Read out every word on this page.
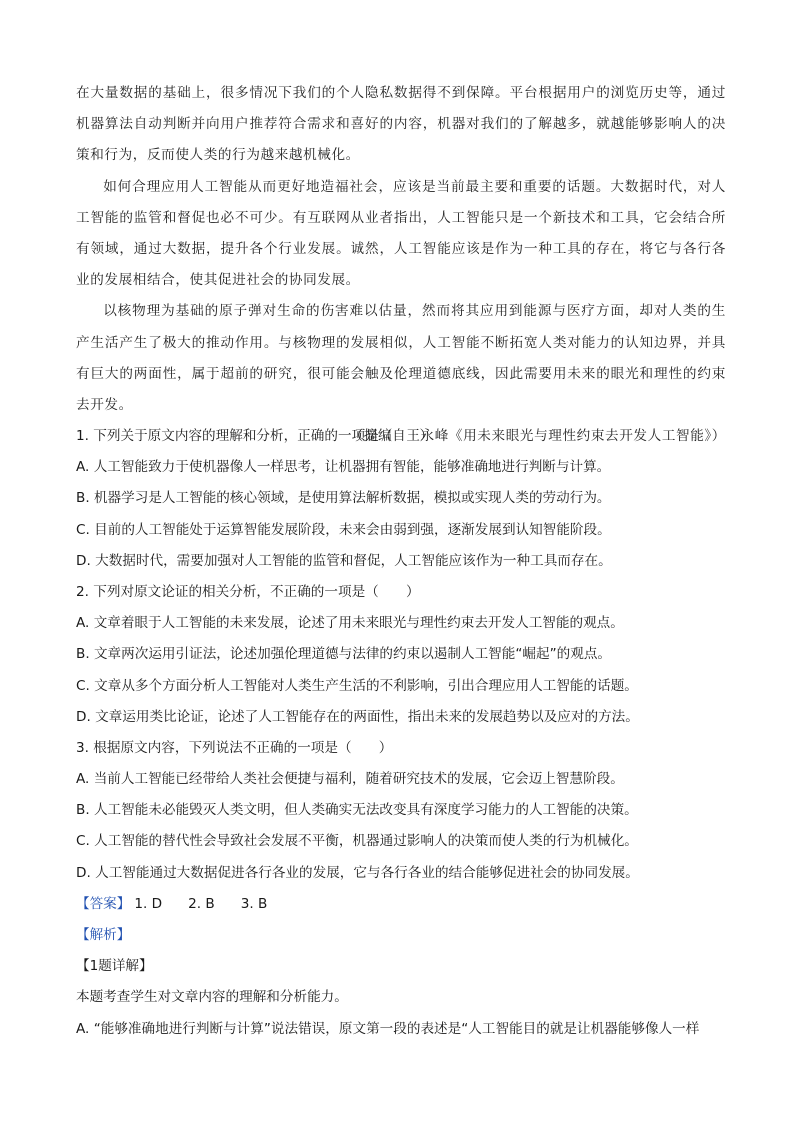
在大量数据的基础上，很多情况下我们的个人隐私数据得不到保障。平台根据用户的浏览历史等，通过机器算法自动判断并向用户推荐符合需求和喜好的内容，机器对我们的了解越多，就越能够影响人的决策和行为，反而使人类的行为越来越机械化。

如何合理应用人工智能从而更好地造福社会，应该是当前最主要和重要的话题。大数据时代，对人工智能的监管和督促也必不可少。有互联网从业者指出，人工智能只是一个新技术和工具，它会结合所有领域，通过大数据，提升各个行业发展。诚然，人工智能应该是作为一种工具的存在，将它与各行各业的发展相结合，使其促进社会的协同发展。

以核物理为基础的原子弹对生命的伤害难以估量，然而将其应用到能源与医疗方面，却对人类的生产生活产生了极大的推动作用。与核物理的发展相似，人工智能不断拓宽人类对能力的认知边界，并具有巨大的两面性，属于超前的研究，很可能会触及伦理道德底线，因此需要用未来的眼光和理性的约束去开发。

（摘编自王永峰《用未来眼光与理性约束去开发人工智能》）

1. 下列关于原文内容的理解和分析，正确的一项是（　　）
A. 人工智能致力于使机器像人一样思考，让机器拥有智能，能够准确地进行判断与计算。
B. 机器学习是人工智能的核心领域，是使用算法解析数据，模拟或实现人类的劳动行为。
C. 目前的人工智能处于运算智能发展阶段，未来会由弱到强，逐渐发展到认知智能阶段。
D. 大数据时代，需要加强对人工智能的监管和督促，人工智能应该作为一种工具而存在。
2. 下列对原文论证的相关分析，不正确的一项是（　　）
A. 文章着眼于人工智能的未来发展，论述了用未来眼光与理性约束去开发人工智能的观点。
B. 文章两次运用引证法，论述加强伦理道德与法律的约束以遏制人工智能“崛起”的观点。
C. 文章从多个方面分析人工智能对人类生产生活的不利影响，引出合理应用人工智能的话题。
D. 文章运用类比论证，论述了人工智能存在的两面性，指出未来的发展趋势以及应对的方法。
3. 根据原文内容，下列说法不正确的一项是（　　）
A. 当前人工智能已经带给人类社会便捷与福利，随着研究技术的发展，它会迈上智慧阶段。
B. 人工智能未必能毁灭人类文明，但人类确实无法改变具有深度学习能力的人工智能的决策。
C. 人工智能的替代性会导致社会发展不平衡，机器通过影响人的决策而使人类的行为机械化。
D. 人工智能通过大数据促进各行各业的发展，它与各行各业的结合能够促进社会的协同发展。
【答案】 1. D 2. B 3. B
【解析】
【1题详解】
本题考查学生对文章内容的理解和分析能力。
A. “能够准确地进行判断与计算”说法错误，原文第一段的表述是“人工智能目的就是让机器能够像人一样
